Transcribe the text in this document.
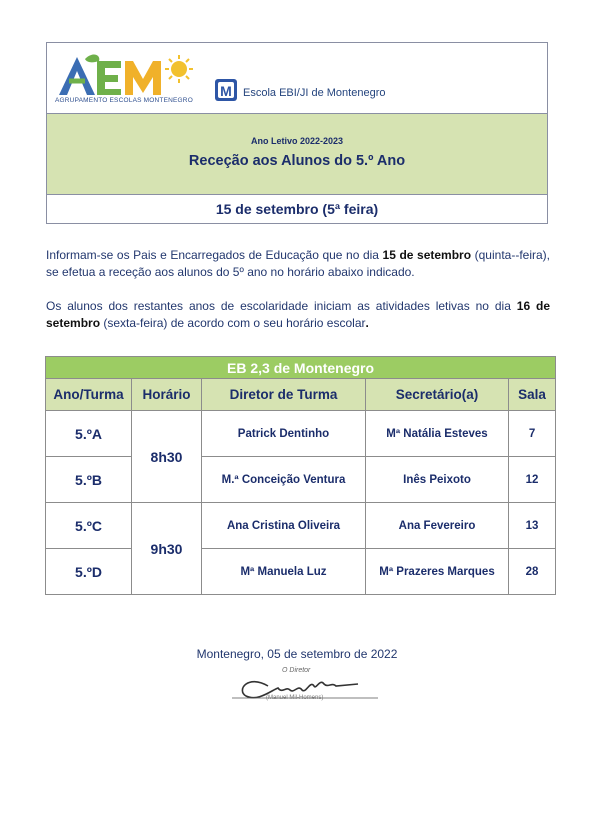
AGRUPAMENTO ESCOLAS MONTENEGRO
M Escola EBI/JI de Montenegro
Ano Letivo 2022-2023
Receção aos Alunos do 5.º Ano
15 de setembro (5ª feira)
Informam-se os Pais e Encarregados de Educação que no dia 15 de setembro (quinta--feira), se efetua a receção aos alunos do 5º ano no horário abaixo indicado.
Os alunos dos restantes anos de escolaridade iniciam as atividades letivas no dia 16 de setembro (sexta-feira) de acordo com o seu horário escolar.
EB 2,3 de Montenegro				
Ano/Turma	Horário	Diretor de Turma	Secretário(a)	Sala
5.ºA	8h30	Patrick Dentinho	Mª Natália Esteves	7
5.ºB		M.ª Conceição Ventura	Inês Peixoto	12
5.ºC	9h30	Ana Cristina Oliveira	Ana Fevereiro	13
5.ºD		Mª Manuela Luz	Mª Prazeres Marques	28
Montenegro, 05 de setembro de 2022
O Diretor
(Manuel Mil-Homens)
